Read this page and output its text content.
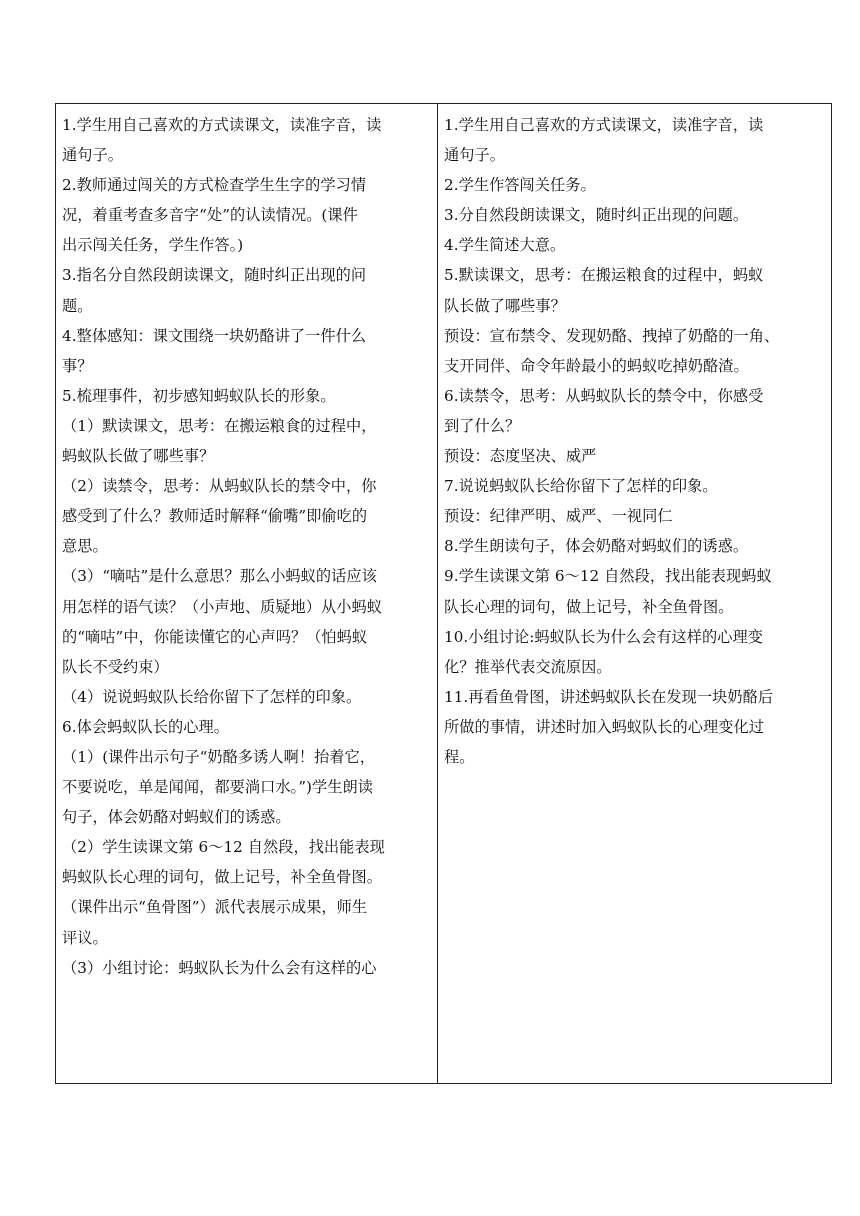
1.学生用自己喜欢的方式读课文，读准字音，读
通句子。
2.教师通过闯关的方式检查学生生字的学习情
况，着重考查多音字“处”的认读情况。(课件
出示闯关任务，学生作答。)
3.指名分自然段朗读课文，随时纠正出现的问
题。
4.整体感知：课文围绕一块奶酪讲了一件什么
事？
5.梳理事件，初步感知蚂蚁队长的形象。
（1）默读课文，思考：在搬运粮食的过程中，
蚂蚁队长做了哪些事？
（2）读禁令，思考：从蚂蚁队长的禁令中，你
感受到了什么？教师适时解释“偷嘴”即偷吃的
意思。
（3）“嘀咕”是什么意思？那么小蚂蚁的话应该
用怎样的语气读？（小声地、质疑地）从小蚂蚁
的“嘀咕”中，你能读懂它的心声吗？（怕蚂蚁
队长不受约束）
（4）说说蚂蚁队长给你留下了怎样的印象。
6.体会蚂蚁队长的心理。
（1）(课件出示句子“奶酪多诱人啊！抬着它，
不要说吃，单是闻闻，都要淌口水。”)学生朗读
句子，体会奶酪对蚂蚁们的诱惑。
（2）学生读课文第 6～12 自然段，找出能表现
蚂蚁队长心理的词句，做上记号，补全鱼骨图。
（课件出示“鱼骨图”）派代表展示成果，师生
评议。
（3）小组讨论：蚂蚁队长为什么会有这样的心

1.学生用自己喜欢的方式读课文，读准字音，读
通句子。
2.学生作答闯关任务。
3.分自然段朗读课文，随时纠正出现的问题。
4.学生简述大意。
5.默读课文，思考：在搬运粮食的过程中，蚂蚁
队长做了哪些事？
预设：宣布禁令、发现奶酪、拽掉了奶酪的一角、
支开同伴、命令年龄最小的蚂蚁吃掉奶酪渣。
6.读禁令，思考：从蚂蚁队长的禁令中，你感受
到了什么？
预设：态度坚决、威严
7.说说蚂蚁队长给你留下了怎样的印象。
预设：纪律严明、威严、一视同仁
8.学生朗读句子，体会奶酪对蚂蚁们的诱惑。
9.学生读课文第 6～12 自然段，找出能表现蚂蚁
队长心理的词句，做上记号，补全鱼骨图。
10.小组讨论:蚂蚁队长为什么会有这样的心理变
化？推举代表交流原因。
11.再看鱼骨图，讲述蚂蚁队长在发现一块奶酪后
所做的事情，讲述时加入蚂蚁队长的心理变化过
程。
